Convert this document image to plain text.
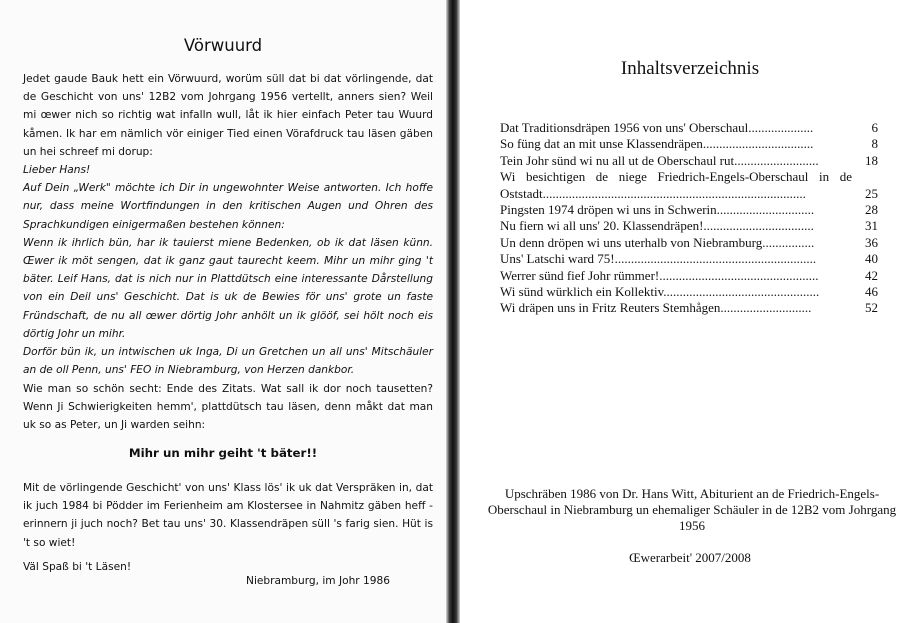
Vörwuurd

Jedet gaude Bauk hett ein Vörwuurd, worüm süll dat bi dat vörlingende, dat de Geschicht von uns' 12B2 vom Johrgang 1956 vertellt, anners sien? Weil mi œwer nich so richtig wat infalln wull, låt ik hier einfach Peter tau Wuurd kåmen. Ik har em nämlich vör einiger Tied einen Vörafdruck tau läsen gäben un hei schreef mi dorup:

Lieber Hans!

Auf Dein „Werk" möchte ich Dir in ungewohnter Weise antworten. Ich hoffe nur, dass meine Wortfindungen in den kritischen Augen und Ohren des Sprachkundigen einigermaßen bestehen können:

Wenn ik ihrlich bün, har ik tauierst miene Bedenken, ob ik dat läsen künn. Œwer ik möt sengen, dat ik ganz gaut taurecht keem. Mihr un mihr ging 't bäter. Leif Hans, dat is nich nur in Plattdütsch eine interessante Dårstellung von ein Deil uns' Geschicht. Dat is uk de Bewies för uns' grote un faste Fründschaft, de nu all œwer dörtig Johr anhölt un ik glööf, sei hölt noch eis dörtig Johr un mihr.

Dorför bün ik, un intwischen uk Inga, Di un Gretchen un all uns' Mitschäuler an de oll Penn, uns' FEO in Niebramburg, von Herzen dankbor.

Wie man so schön secht: Ende des Zitats. Wat sall ik dor noch tausetten? Wenn Ji Schwierigkeiten hemm', plattdütsch tau läsen, denn måkt dat man uk so as Peter, un Ji warden seihn:

Mihr un mihr geiht 't bäter!!

Mit de vörlingende Geschicht' von uns' Klass lös' ik uk dat Verspräken in, dat ik juch 1984 bi Pödder im Ferienheim am Klostersee in Nahmitz gäben heff - erinnern ji juch noch? Bet tau uns' 30. Klassendräpen süll 's farig sien. Hüt is 't so wiet!

Väl Spaß bi 't Läsen!
Niebramburg, im Johr 1986
Inhaltsverzeichnis
Dat Traditionsdräpen 1956 von uns' Oberschaul....................	6
So füng dat an mit unse Klassendräpen..................................	8
Tein Johr sünd wi nu all ut de Oberschaul rut..........................	18
Wi besichtigen de niege Friedrich-Engels-Oberschaul in de Oststadt.................................................................................	25
Pingsten 1974 dröpen wi uns in Schwerin..............................	28
Nu fiern wi all uns' 20. Klassendräpen!..................................	31
Un denn dröpen wi uns uterhalb von Niebramburg................	36
Uns' Latschi ward 75!..............................................................	40
Werrer sünd fief Johr rümmer!.................................................	42
Wi sünd würklich ein Kollektiv................................................	46
Wi dräpen uns in Fritz Reuters Stemhågen............................	52
Upschräben 1986 von Dr. Hans Witt, Abiturient an de Friedrich-Engels-Oberschaul in Niebramburg un ehemaliger Schäuler in de 12B2 vom Johrgang 1956
Œwerarbeit' 2007/2008
